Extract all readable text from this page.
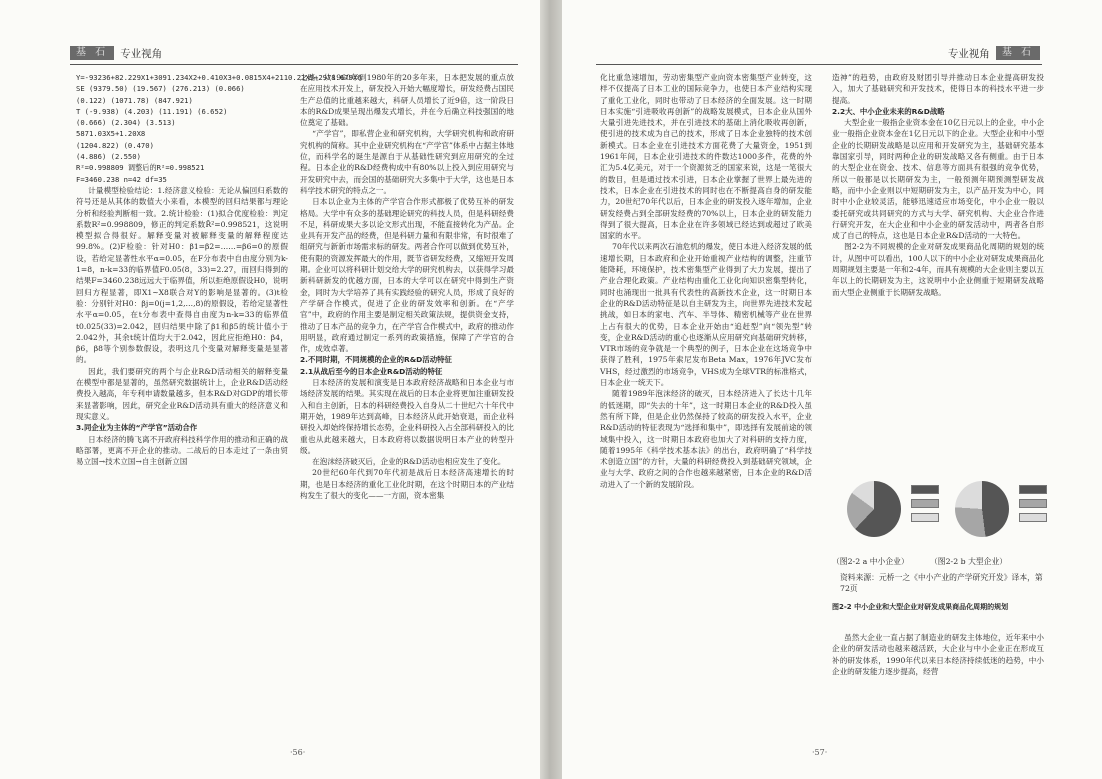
基 石	专业视角

Y=-93236+82.229X1+3091.234X2+0.410X3+0.0815X4+2110.21X5+2978.679X6

SE (9379.50) (19.567) (276.213) (0.066)

(0.122) (1071.78) (847.921)

T (-9.938) (4.203) (11.191) (6.652)

(0.666) (2.304) (3.513)

5871.03X5+1.20X8

(1204.822) (0.470)

(4.886) (2.550)

R²=0.998809 调整后的R²=0.998521

F=3460.238 n=42 df=35

计量模型检验结论：1.经济意义检验：无论从偏回归系数的符号还是从其体的数值大小来看，本模型的回归结果都与理论分析和经验判断相一致。2.统计检验：(1)拟合优度检验：判定系数R²=0.998809，修正的判定系数R̄²=0.998521，这说明模型拟合得很好。解释变量对被解释变量的解释程度达99.8%。(2)F检验：针对H0：β1=β2=……=β6=0的原假设，若给定显著性水平α=0.05，在F分布表中自由度分别为k-1=8，n-k=33的临界值F0.05(8，33)=2.27，而回归得到的结果F=3460.238远远大于临界值，所以拒绝原假设H0，说明回归方程显著，即X1~X8联合对Y的影响是显著的。(3)t检验：分别针对H0：βj=0(j=1,2,…,8)的原假设，若给定显著性水平α=0.05，在t分布表中查得自由度为n-k=33的临界值t0.025(33)=2.042，回归结果中除了β1和β5的统计值小于2.042外，其余t统计值均大于2.042，因此应拒绝H0：β4，β6，β8等个别参数假设，表明这几个变量对解释变量是显著的。

因此，我们要研究的两个与企业R&D活动相关的解释变量在模型中都是显著的，虽然研究数据统计上，企业R&D活动经费投入越高，年专利申请数量越多，但本R&D对GDP的增长带来显著影响，因此，研究企业R&D活动具有重大的经济意义和现实意义。

3.同企业为主体的“产学官”活动合作

日本经济的腾飞离不开政府科技科学作用的推动和正确的战略部署，更离不开企业的推动。二战后的日本走过了一条由贸易立国→技术立国→自主创新立国

之路。从1960年到1980年的20多年来，日本把发展的重点放在应用技术开发上，研发投入开始大幅度增长，研发经费占国民生产总值的比重越来越大，科研人员增长了近9倍，这一阶段日本的R&D成果呈现出爆发式增长，并在今后确立科技强国的地位奠定了基础。

“产学官”，即私营企业和研究机构，大学研究机构和政府研究机构的简称。其中企业研究机构在“产学官”体系中占据主体地位，而科学名的诞生是源自于从基础性研究到应用研究的全过程。日本企业的R&D经费构成中有80%以上投入到应用研究与开发研究中去，而会国的基础研究大多集中于大学，这也是日本科学技术研究的特点之一。

日本以企业为主体的产学官合作形式都极了优势互补的研发格局。大学中有众多的基础理论研究的科技人员，但是科研经费不足，科研成果大多以论文形式出现，不能直接转化为产品。企业具有开发产品的经费，但是科研力量和有限非常，有时很难了组研究与新新市场需求标的研发。两者合作可以做到优势互补，使有限的资源发挥最大的作用，既节省研发经费，又缩短开发周期。企业可以将科研计划交给大学的研究机构去，以获得学习最新科研新发的优越方面，日本的大学可以在研究中得到生产资金，同时为大学培养了具有实践经验的研究人员，形成了良好的产学研合作模式，促进了企业的研发效率和创新。在“产学官”中，政府的作用主要是制定相关政策法规，提供资金支持，推动了日本产品的竞争力，在产学官合作模式中，政府的推动作用明显，政府通过制定一系列的政策措施，保障了产学官的合作，成效卓著。

2.不同时期，不同规模的企业的R&D活动特征

2.1从战后至今的日本企业R&D活动的特征

日本经济的发展和演变是日本政府经济战略和日本企业与市场经济发展的结果。其实现在战后的日本企业将更加注重研发投入和自主创新，日本的科研经费投入自身从二十世纪六十年代中期开始，1989年达到高峰，日本经济从此开始衰退，而企业科研投入却始终保持增长态势，企业科研投入占全部科研投入的比重也从此越来越大，日本政府将以数据说明日本产业的转型升级。

在泡沫经济破灭后，企业的R&D活动也相应发生了变化。

20世纪60年代到70年代初是战后日本经济高速增长的时期，也是日本经济的重化工业化时期，在这个时期日本的产业结构发生了很大的变化——一方面，资本密集

·56·
专业视角	基 石

化比重急速增加，劳动密集型产业向资本密集型产业转变，这样不仅提高了日本工业的国际竞争力，也使日本产业结构实现了重化工业化，同时也带动了日本经济的全面发展。这一时期日本实施“引进吸收再创新”的战略发展模式，日本企业从国外大量引进先进技术，并在引进技术的基础上消化吸收再创新，使引进的技术成为自己的技术，形成了日本企业独特的技术创新模式。日本企业在引进技术方面花费了大量资金，1951到1961年间，日本企业引进技术的件数达1000多件，花费的外汇为5.4亿美元，对于一个资源贫乏的国家来说，这是一笔很大的数目，但是通过技术引进，日本企业掌握了世界上最先进的技术，日本企业在引进技术的同时也在不断提高自身的研发能力，20世纪70年代以后，日本企业的研发投入逐年增加，企业研发经费占到全部研发经费的70%以上，日本企业的研发能力得到了很大提高，日本企业在许多领域已经达到或超过了欧美国家的水平。

70年代以来两次石油危机的爆发，使日本进入经济发展的低速增长期，日本政府和企业开始重视产业结构的调整，注重节能降耗，环境保护，技术密集型产业得到了大力发展，提出了产业合理化政策。产业结构由重化工业化向知识密集型转化，同时也涌现出一批具有代表性的高新技术企业，这一时期日本企业的R&D活动特征是以自主研发为主，向世界先进技术发起挑战，如日本的家电、汽车、半导体、精密机械等产业在世界上占有很大的优势，日本企业开始由“追赶型”向“领先型”转变，企业R&D活动的重心也逐渐从应用研究向基础研究转移，VTR市场的竞争就是一个典型的例子，日本企业在这场竞争中获得了胜利，1975年索尼发布Beta Max，1976年JVC发布VHS，经过激烈的市场竞争，VHS成为全球VTR的标准格式，日本企业一统天下。

随着1989年泡沫经济的破灭，日本经济进入了长达十几年的低迷期，即“失去的十年”，这一时期日本企业的R&D投入虽然有所下降，但是企业仍然保持了较高的研发投入水平，企业R&D活动的特征表现为“选择和集中”，即选择有发展前途的领域集中投入，这一时期日本政府也加大了对科研的支持力度，随着1995年《科学技术基本法》的出台，政府明确了“科学技术创造立国”的方针，大量的科研经费投入到基础研究领域，企业与大学、政府之间的合作也越来越紧密，日本企业的R&D活动进入了一个新的发展阶段。

造神”的趋势，由政府及财团引导并推动日本企业提高研发投入，加大了基础研究和开发技术，使得日本的科技水平进一步提高。

2.2大、中小企业未来的R&D战略

大型企业一般指企业资本金在10亿日元以上的企业，中小企业一般指企业资本金在1亿日元以下的企业。大型企业和中小型企业的长期研发战略是以应用和开发研究为主，基础研究基本靠国家引导，同时两种企业的研发战略又各有侧重。由于日本的大型企业在资金、技术、信息等方面具有很强的竞争优势，所以一般都是以长期研发为主，一般预测年期预测型研发战略，而中小企业则以中短期研发为主，以产品开发为中心，同时中小企业较灵活，能够迅速适应市场变化，中小企业一般以委托研究或共同研究的方式与大学、研究机构、大企业合作进行研究开发，在大企业和中小企业的研发活动中，两者各自形成了自己的特点，这也是日本企业R&D活动的一大特色。

图2-2为不同规模的企业对研发成果商品化周期的规划的统计，从图中可以看出，100人以下的中小企业对研发成果商品化周期规划主要是一年和2-4年，而具有规模的大企业则主要以五年以上的长期研发为主，这说明中小企业侧重于短期研发战略而大型企业侧重于长期研发战略。

虽然大企业一直占据了制造业的研发主体地位，近年来中小企业的研发活动也越来越活跃，大企业与中小企业正在形成互补的研发体系，1990年代以来日本经济持续低迷的趋势，中小企业的研发能力逐步提高，经营

·57·
（图2-2 a 中小企业）	（图2-2 b 大型企业）
资料来源：元桥一之《中小产业的产学研究开发》译本，第72页
图2-2 中小企业和大型企业对研发成果商品化周期的规划
